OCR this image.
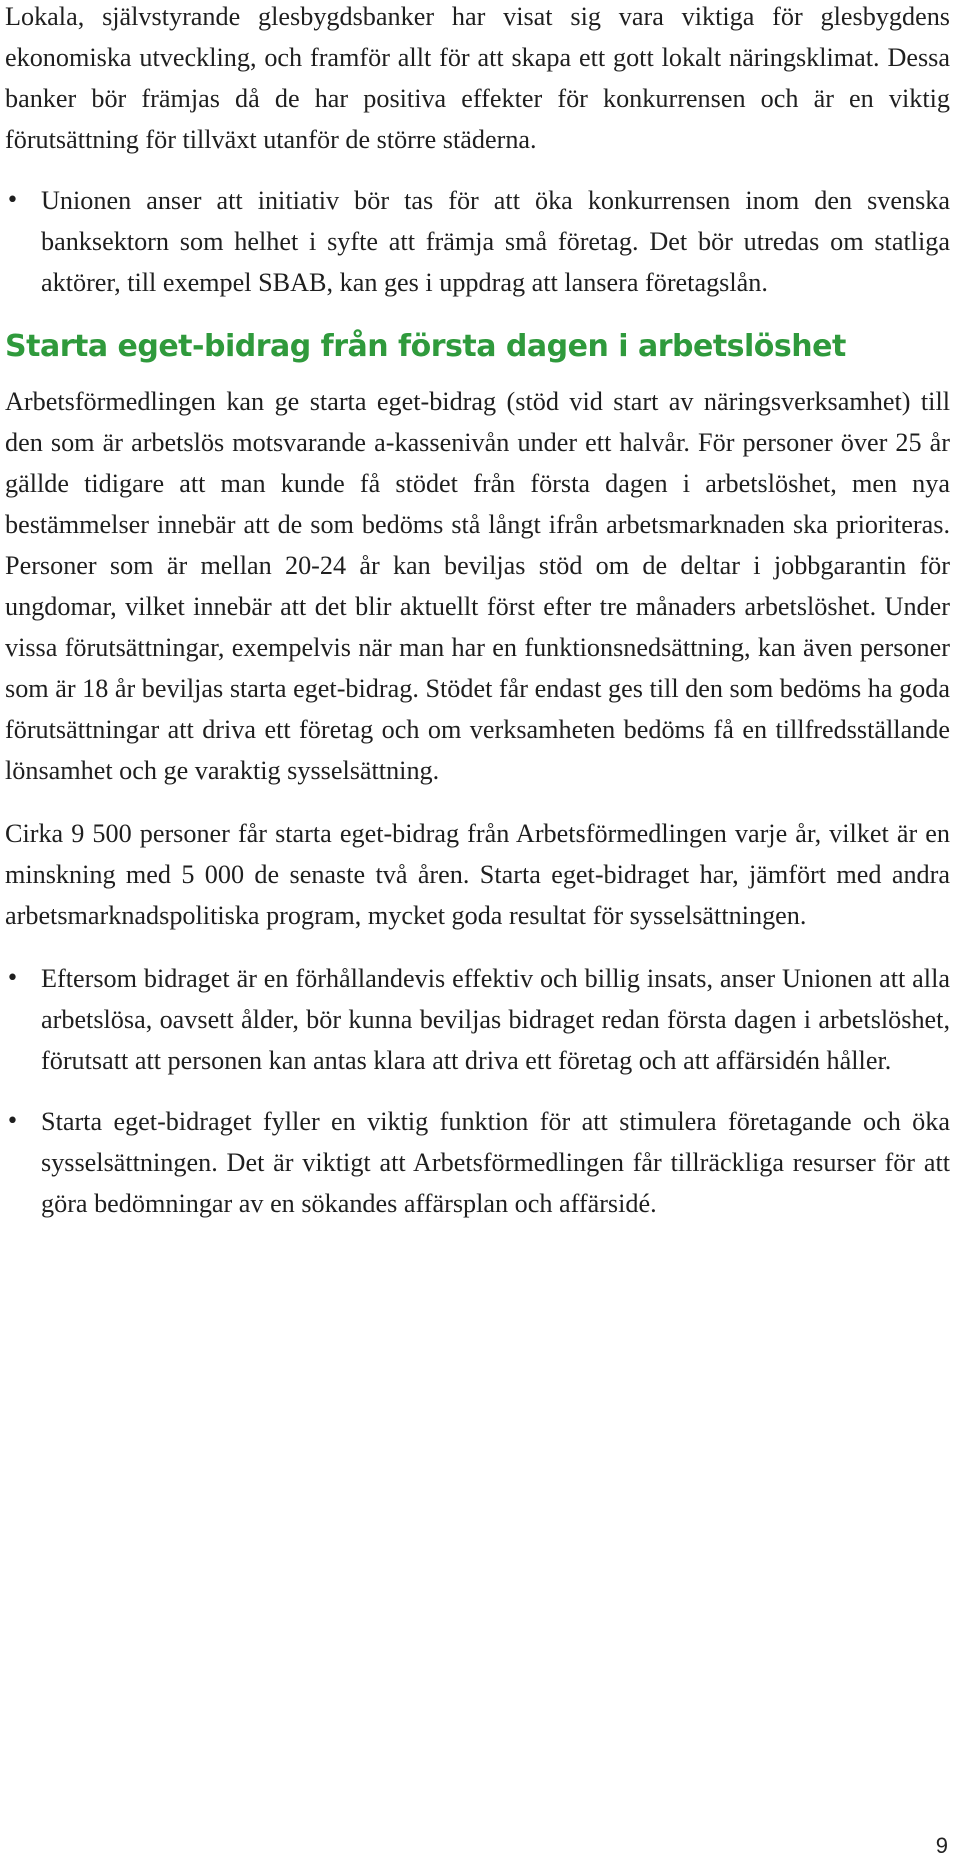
Lokala, självstyrande glesbygdsbanker har visat sig vara viktiga för glesbygdens ekonomiska utveckling, och framför allt för att skapa ett gott lokalt näringsklimat. Dessa banker bör främjas då de har positiva effekter för konkurrensen och är en viktig förutsättning för tillväxt utanför de större städerna.

• Unionen anser att initiativ bör tas för att öka konkurrensen inom den svenska banksektorn som helhet i syfte att främja små företag. Det bör utredas om statliga aktörer, till exempel SBAB, kan ges i uppdrag att lansera företagslån.
Starta eget-bidrag från första dagen i arbetslöshet

Arbetsförmedlingen kan ge starta eget-bidrag (stöd vid start av näringsverksamhet) till den som är arbetslös motsvarande a-kassenivån under ett halvår. För personer över 25 år gällde tidigare att man kunde få stödet från första dagen i arbetslöshet, men nya bestämmelser innebär att de som bedöms stå långt ifrån arbetsmarknaden ska prioriteras. Personer som är mellan 20-24 år kan beviljas stöd om de deltar i jobbgarantin för ungdomar, vilket innebär att det blir aktuellt först efter tre månaders arbetslöshet. Under vissa förutsättningar, exempelvis när man har en funktionsnedsättning, kan även personer som är 18 år beviljas starta eget-bidrag. Stödet får endast ges till den som bedöms ha goda förutsättningar att driva ett företag och om verksamheten bedöms få en tillfredsställande lönsamhet och ge varaktig sysselsättning.

Cirka 9 500 personer får starta eget-bidrag från Arbetsförmedlingen varje år, vilket är en minskning med 5 000 de senaste två åren. Starta eget-bidraget har, jämfört med andra arbetsmarknadspolitiska program, mycket goda resultat för sysselsättningen.

• Eftersom bidraget är en förhållandevis effektiv och billig insats, anser Unionen att alla arbetslösa, oavsett ålder, bör kunna beviljas bidraget redan första dagen i arbetslöshet, förutsatt att personen kan antas klara att driva ett företag och att affärsidén håller.
• Starta eget-bidraget fyller en viktig funktion för att stimulera företagande och öka sysselsättningen. Det är viktigt att Arbetsförmedlingen får tillräckliga resurser för att göra bedömningar av en sökandes affärsplan och affärsidé.
9
